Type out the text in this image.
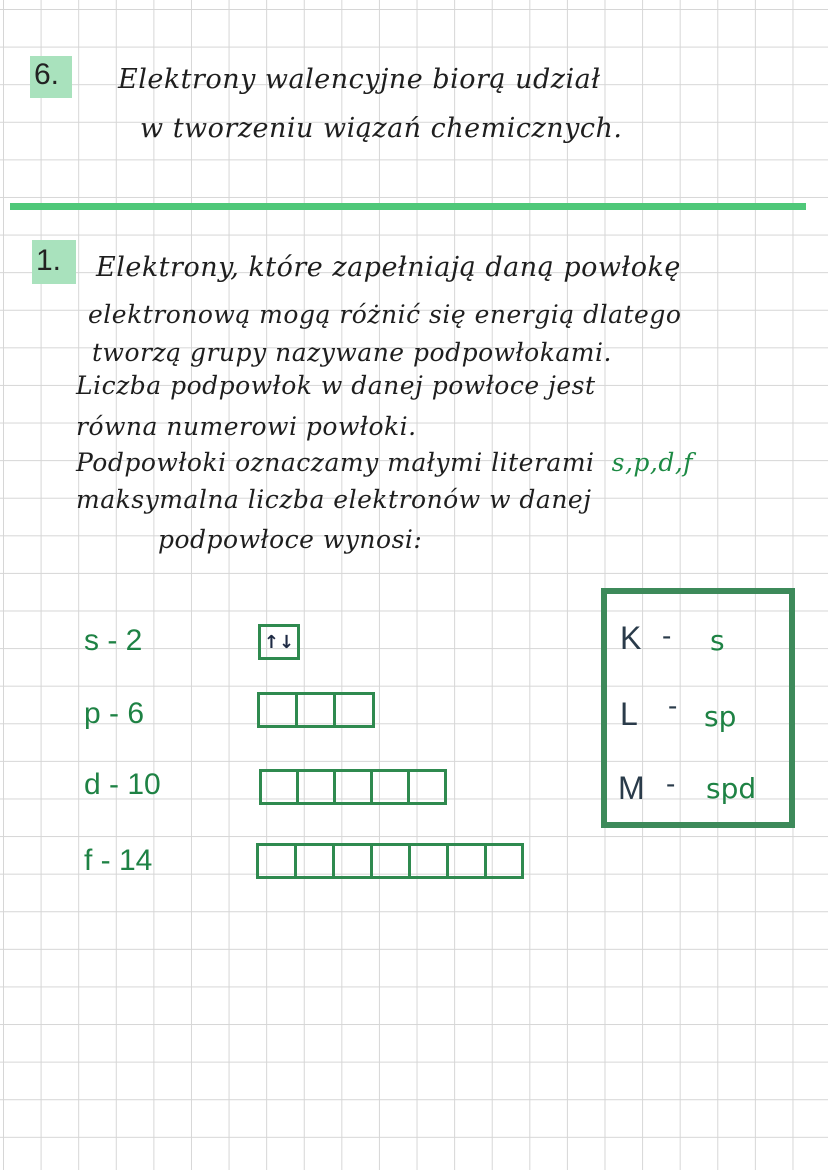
6. Elektrony walencyjne biorą udział
w tworzeniu wiązań chemicznych.
1. Elektrony, które zapełniają daną powłokę
elektronową mogą różnić się energią dlatego
tworzą grupy nazywane podpowłokami.
Liczba podpowłok w danej powłoce jest
równa numerowi powłoki.
Podpowłoki oznaczamy małymi literami s,p,d,f
maksymalna liczba elektronów w danej
podpowłoce wynosi:
s - 2	↑↓
p - 6
d - 10
f - 14
K - s
L - sp
M - spd
